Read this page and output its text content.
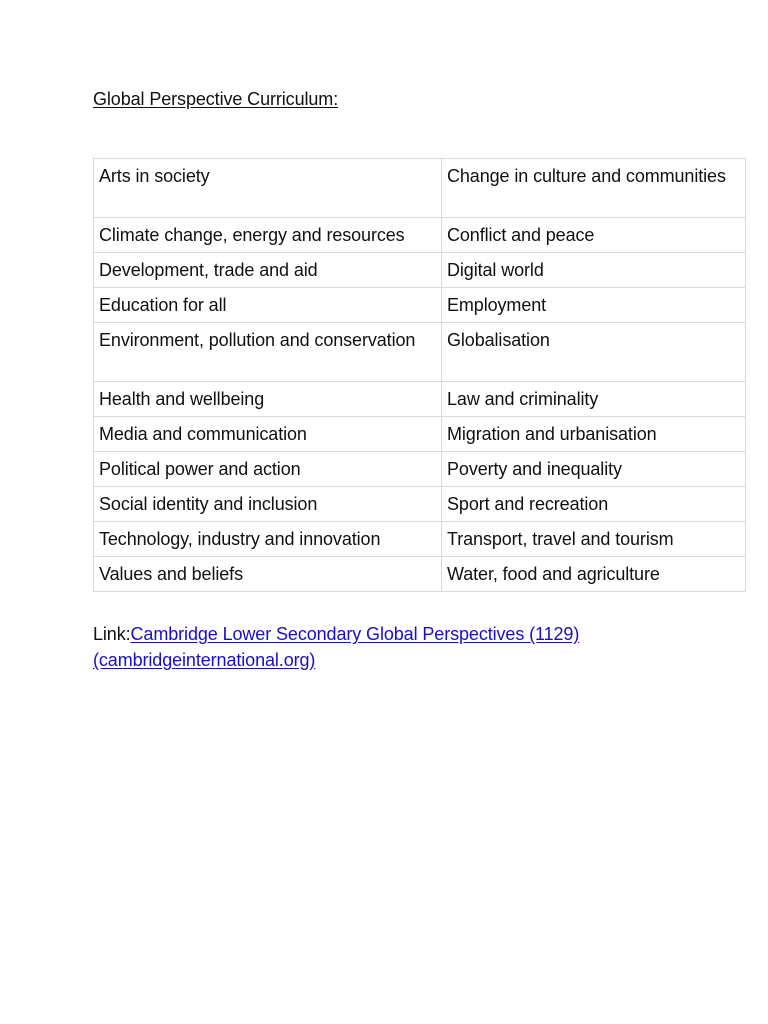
Global Perspective Curriculum:
Arts in society	Change in culture and communities
Climate change, energy and resources	Conflict and peace
Development, trade and aid	Digital world
Education for all	Employment
Environment, pollution and conservation	Globalisation
Health and wellbeing	Law and criminality
Media and communication	Migration and urbanisation
Political power and action	Poverty and inequality
Social identity and inclusion	Sport and recreation
Technology, industry and innovation	Transport, travel and tourism
Values and beliefs	Water, food and agriculture
Link:Cambridge Lower Secondary Global Perspectives (1129) (cambridgeinternational.org)
